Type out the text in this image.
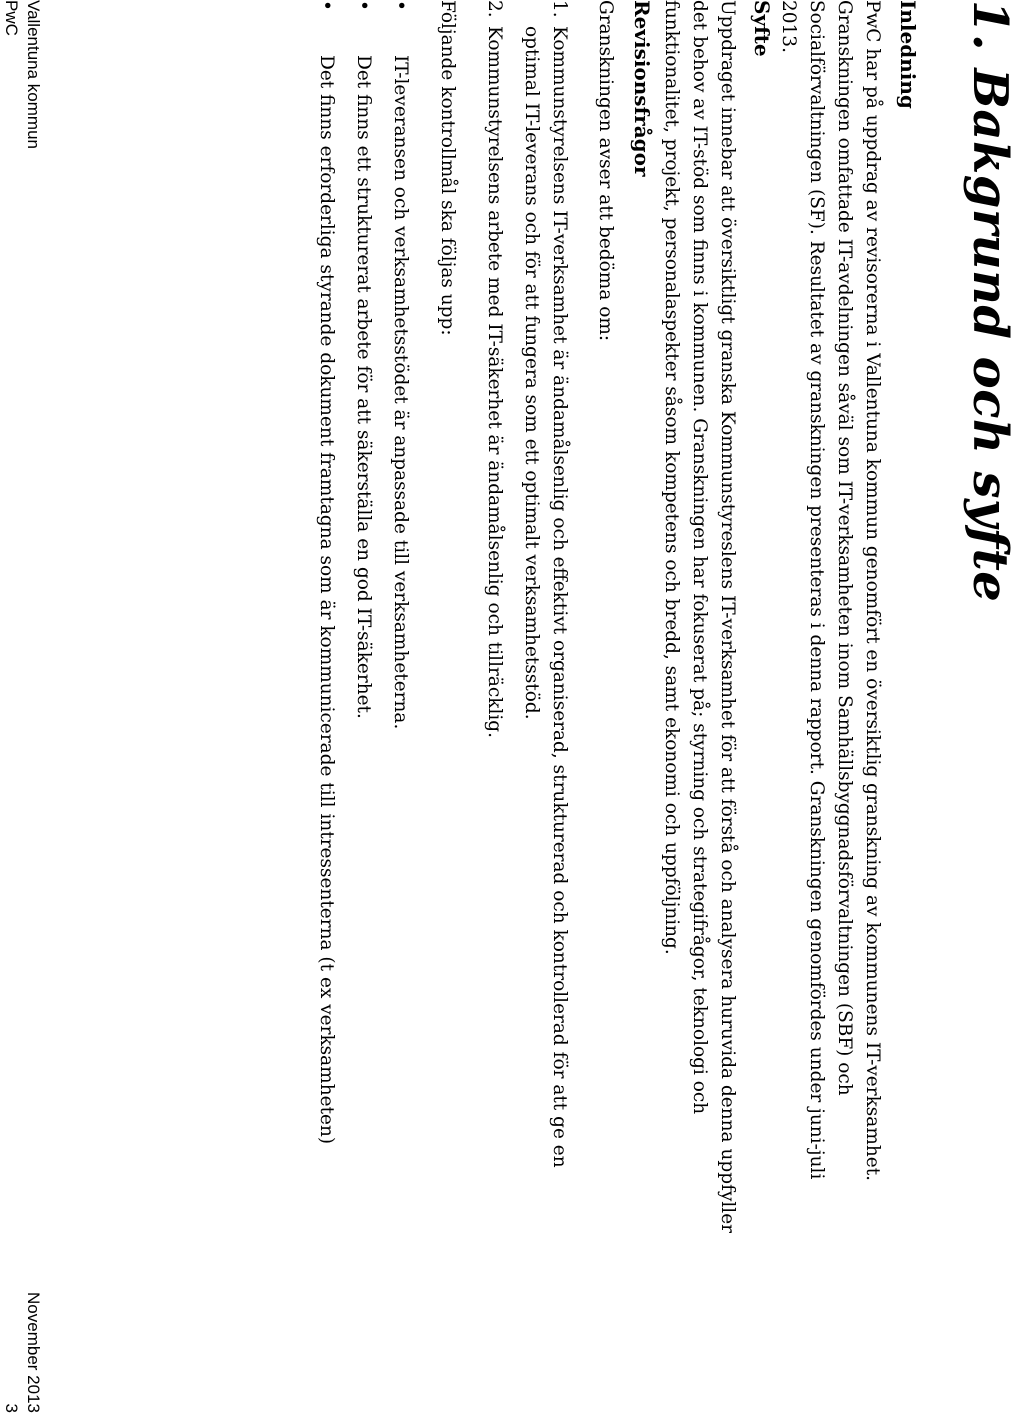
1. Bakgrund och syfte
Inledning
PwC har på uppdrag av revisorerna i Vallentuna kommun genomfört en översiktlig granskning av kommunens IT-verksamhet.
Granskningen omfattade IT-avdelningen såväl som IT-verksamheten inom Samhällsbyggnadsförvaltningen (SBF) och
Socialförvaltningen (SF). Resultatet av granskningen presenteras i denna rapport. Granskningen genomfördes under juni-juli
2013.
Syfte
Uppdraget innebar att översiktligt granska Kommunstyreslens IT-verksamhet för att förstå och analysera huruvida denna uppfyller
det behov av IT-stöd som finns i kommunen. Granskningen har fokuserat på; styrning och strategifrågor, teknologi och
funktionalitet, projekt, personalaspekter såsom kompetens och bredd, samt ekonomi och uppföljning.
Revisionsfrågor
Granskningen avser att bedöma om:
1.
Kommunstyrelsens IT-verksamhet är ändamålsenlig och effektivt organiserad, strukturerad och kontrollerad för att ge en
optimal IT-leverans och för att fungera som ett optimalt verksamhetsstöd.
2.
Kommunstyrelsens arbete med IT-säkerhet är ändamålsenlig och tillräcklig.
Följande kontrollmål ska följas upp:
•
IT-leveransen och verksamhetsstödet är anpassade till verksamheterna.
•
Det finns ett strukturerat arbete för att säkerställa en god IT-säkerhet.
•
Det finns erforderliga styrande dokument framtagna som är kommunicerade till intressenterna (t ex verksamheten)
Vallentuna kommun
PwC
November 2013
3
